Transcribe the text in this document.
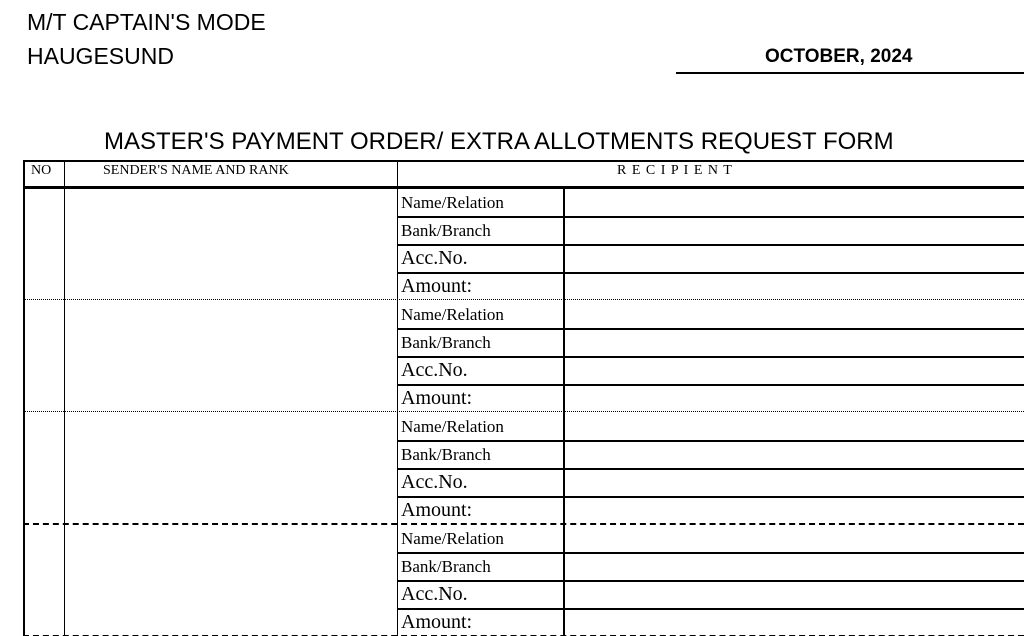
M/T CAPTAIN'S MODE
HAUGESUND	OCTOBER, 2024
MASTER'S PAYMENT ORDER/ EXTRA ALLOTMENTS REQUEST FORM
NO	SENDER'S NAME AND RANK	R E C I P I E N T
Name/Relation
Bank/Branch
Acc.No.
Amount:
Name/Relation
Bank/Branch
Acc.No.
Amount:
Name/Relation
Bank/Branch
Acc.No.
Amount:
Name/Relation
Bank/Branch
Acc.No.
Amount:
